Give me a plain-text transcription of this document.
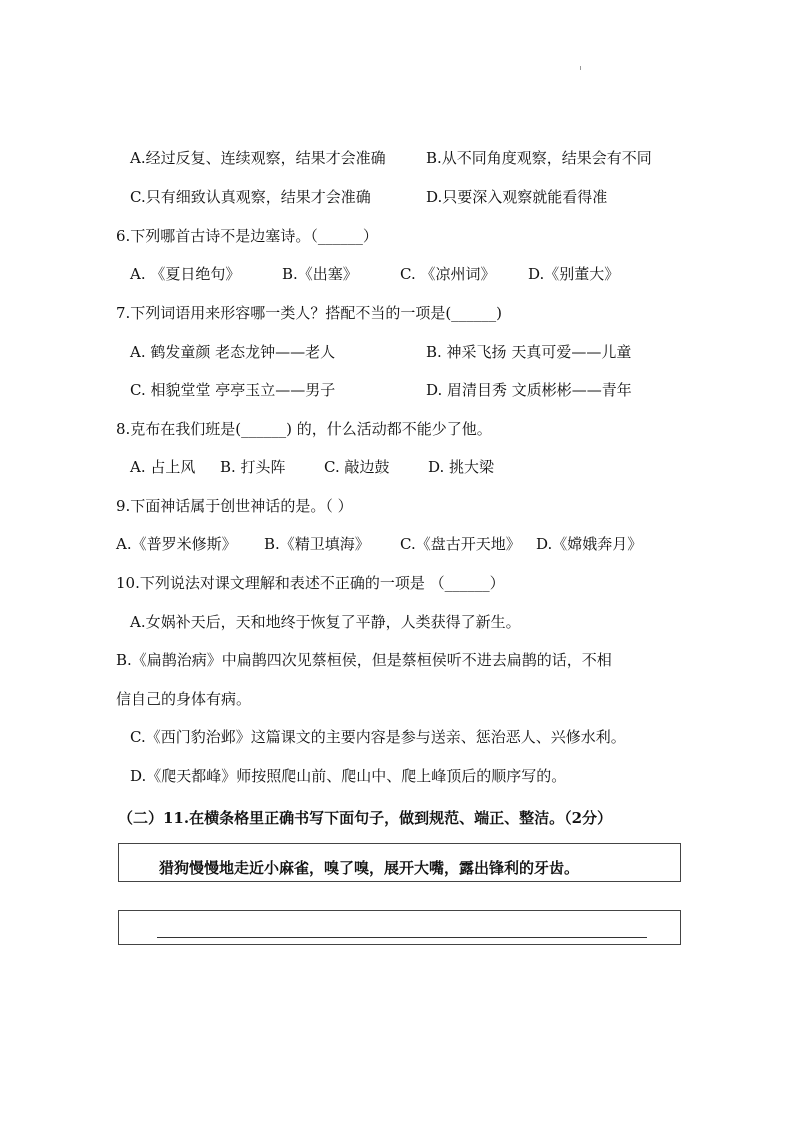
A.经过反复、连续观察，结果才会准确	B.从不同角度观察，结果会有不同
C.只有细致认真观察，结果才会准确	D.只要深入观察就能看得准
6.下列哪首古诗不是边塞诗。（______）
A. 《夏日绝句》	B.《出塞》	C. 《凉州词》 D.《别董大》
7.下列词语用来形容哪一类人？搭配不当的一项是(______)
A. 鹤发童颜 老态龙钟——老人	B. 神采飞扬 天真可爱——儿童
C. 相貌堂堂 亭亭玉立——男子	D. 眉清目秀 文质彬彬——青年
8.克布在我们班是(______) 的，什么活动都不能少了他。
A. 占上风 B. 打头阵	C. 敲边鼓	D. 挑大梁
9.下面神话属于创世神话的是。（ ）
A.《普罗米修斯》 B.《精卫填海》 C.《盘古开天地》 D.《嫦娥奔月》
10.下列说法对课文理解和表述不正确的一项是 （______）
A.女娲补天后，天和地终于恢复了平静，人类获得了新生。
B.《扁鹊治病》中扁鹊四次见蔡桓侯，但是蔡桓侯听不进去扁鹊的话，不相
信自己的身体有病。
C.《西门豹治邺》这篇课文的主要内容是参与送亲、惩治恶人、兴修水利。
D.《爬天都峰》师按照爬山前、爬山中、爬上峰顶后的顺序写的。
（二）11.在横条格里正确书写下面句子，做到规范、端正、整洁。（2分）
猎狗慢慢地走近小麻雀，嗅了嗅，展开大嘴，露出锋利的牙齿。
